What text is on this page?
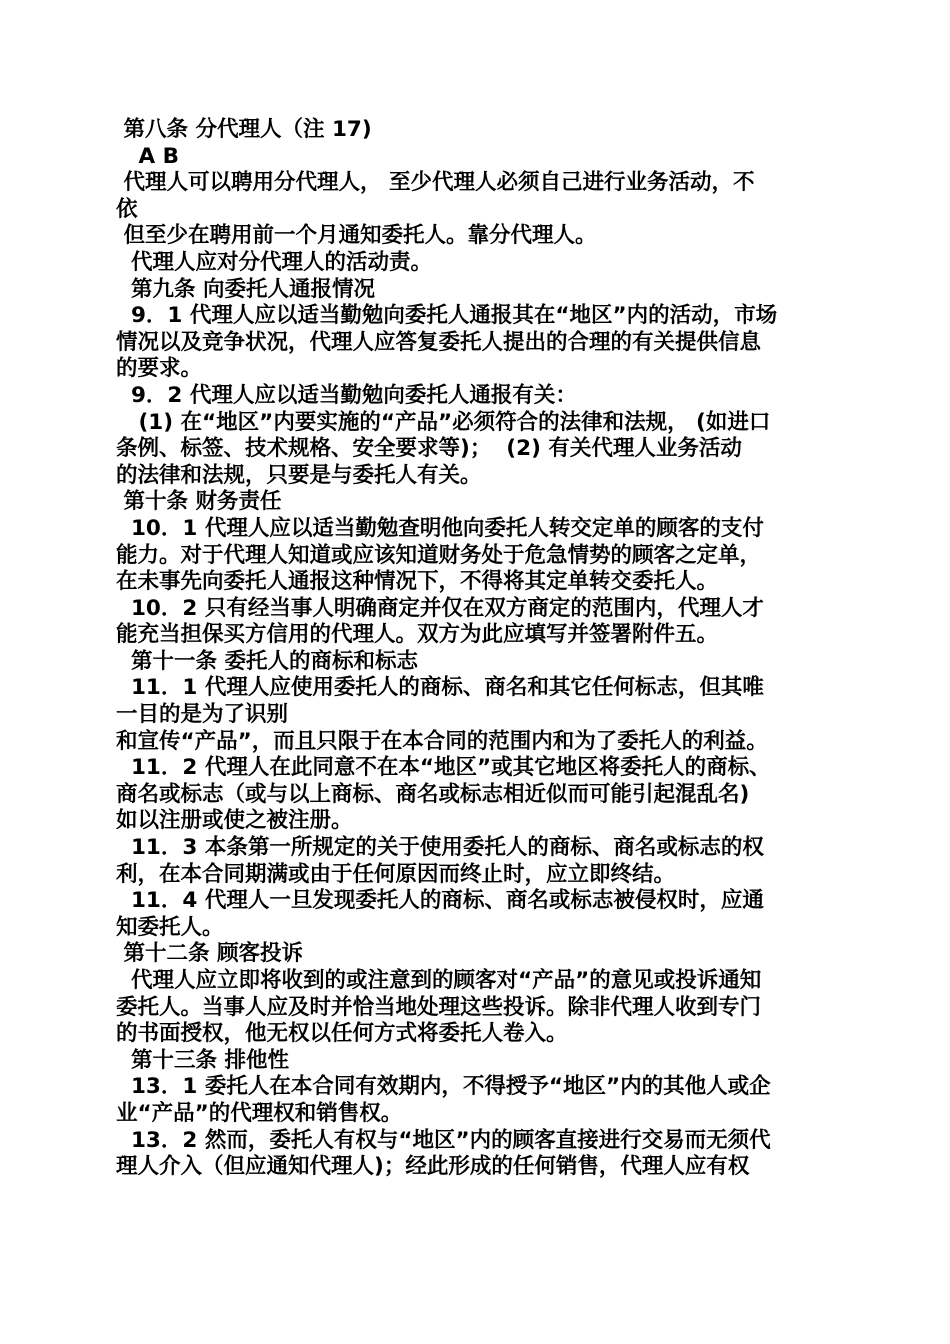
第八条 分代理人（注 17)
A B
代理人可以聘用分代理人， 至少代理人必须自己进行业务活动，不
依
但至少在聘用前一个月通知委托人。靠分代理人。
代理人应对分代理人的活动责。
第九条 向委托人通报情况
9．1 代理人应以适当勤勉向委托人通报其在“地区”内的活动，市场
情况以及竞争状况，代理人应答复委托人提出的合理的有关提供信息
的要求。
9．2 代理人应以适当勤勉向委托人通报有关：
(1) 在“地区”内要实施的“产品”必须符合的法律和法规， (如进口
条例、标签、技术规格、安全要求等)；  (2) 有关代理人业务活动
的法律和法规，只要是与委托人有关。
第十条 财务责任
10．1 代理人应以适当勤勉查明他向委托人转交定单的顾客的支付
能力。对于代理人知道或应该知道财务处于危急情势的顾客之定单，
在未事先向委托人通报这种情况下，不得将其定单转交委托人。
10．2 只有经当事人明确商定并仅在双方商定的范围内，代理人才
能充当担保买方信用的代理人。双方为此应填写并签署附件五。
第十一条 委托人的商标和标志
11．1 代理人应使用委托人的商标、商名和其它任何标志，但其唯
一目的是为了识别
和宣传“产品”，而且只限于在本合同的范围内和为了委托人的利益。
11．2 代理人在此同意不在本“地区”或其它地区将委托人的商标、
商名或标志（或与以上商标、商名或标志相近似而可能引起混乱名)
如以注册或使之被注册。
11．3 本条第一所规定的关于使用委托人的商标、商名或标志的权
利，在本合同期满或由于任何原因而终止时，应立即终结。
11．4 代理人一旦发现委托人的商标、商名或标志被侵权时，应通
知委托人。
第十二条 顾客投诉
代理人应立即将收到的或注意到的顾客对“产品”的意见或投诉通知
委托人。当事人应及时并恰当地处理这些投诉。除非代理人收到专门
的书面授权，他无权以任何方式将委托人卷入。
第十三条 排他性
13．1 委托人在本合同有效期内，不得授予“地区”内的其他人或企
业“产品”的代理权和销售权。
13．2 然而，委托人有权与“地区”内的顾客直接进行交易而无须代
理人介入（但应通知代理人)；经此形成的任何销售，代理人应有权
